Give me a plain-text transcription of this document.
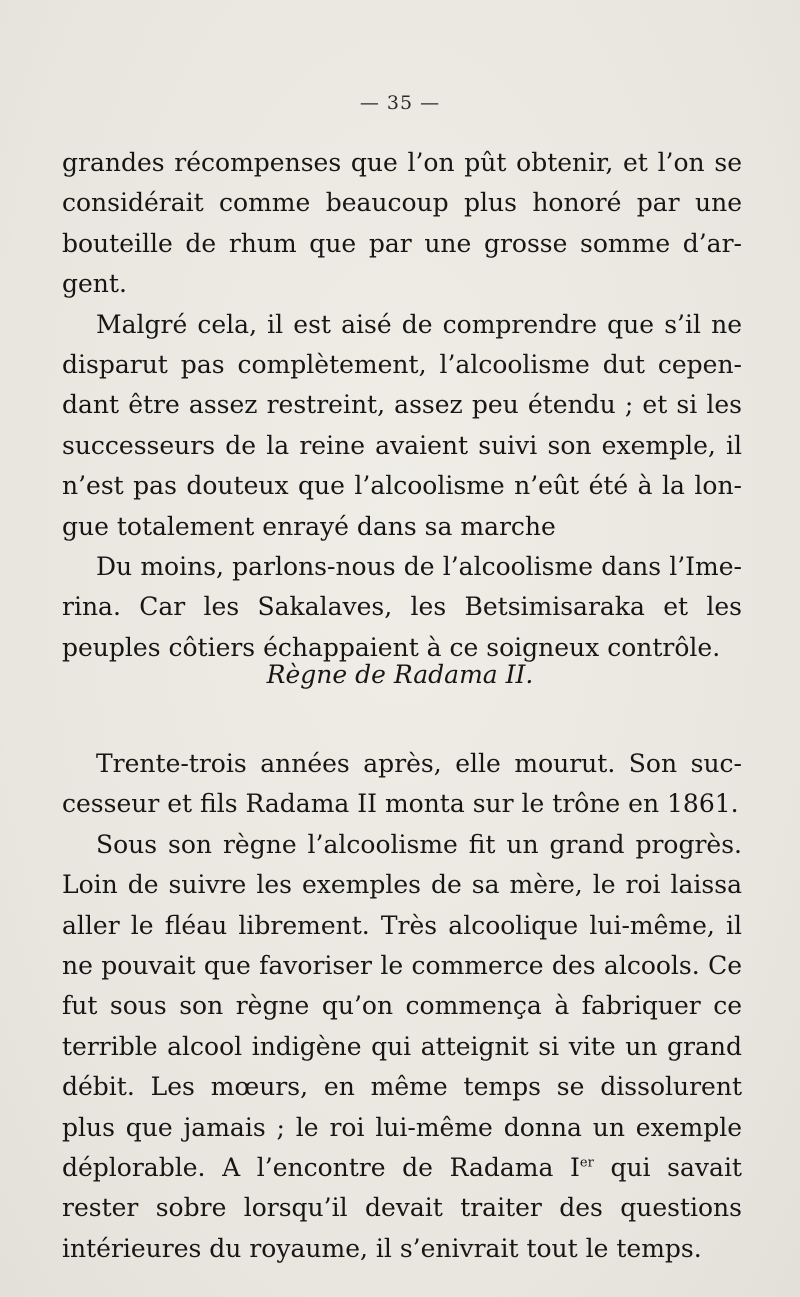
— 35 —
grandes récompenses que l’on pût obtenir, et l’on se
considérait comme beaucoup plus honoré par une
bouteille de rhum que par une grosse somme d’ar-
gent.
Malgré cela, il est aisé de comprendre que s’il ne
disparut pas complètement, l’alcoolisme dut cepen-
dant être assez restreint, assez peu étendu ; et si les
successeurs de la reine avaient suivi son exemple, il
n’est pas douteux que l’alcoolisme n’eût été à la lon-
gue totalement enrayé dans sa marche
Du moins, parlons-nous de l’alcoolisme dans l’Ime-
rina. Car les Sakalaves, les Betsimisaraka et les
peuples côtiers échappaient à ce soigneux contrôle.
Règne de Radama II.
Trente-trois années après, elle mourut. Son suc-
cesseur et fils Radama II monta sur le trône en 1861.
Sous son règne l’alcoolisme fit un grand progrès.
Loin de suivre les exemples de sa mère, le roi laissa
aller le fléau librement. Très alcoolique lui-même, il
ne pouvait que favoriser le commerce des alcools. Ce
fut sous son règne qu’on commença à fabriquer ce
terrible alcool indigène qui atteignit si vite un grand
débit. Les mœurs, en même temps se dissolurent
plus que jamais ; le roi lui-même donna un exemple
déplorable. A l’encontre de Radama Ier qui savait
rester sobre lorsqu’il devait traiter des questions
intérieures du royaume, il s’enivrait tout le temps.
